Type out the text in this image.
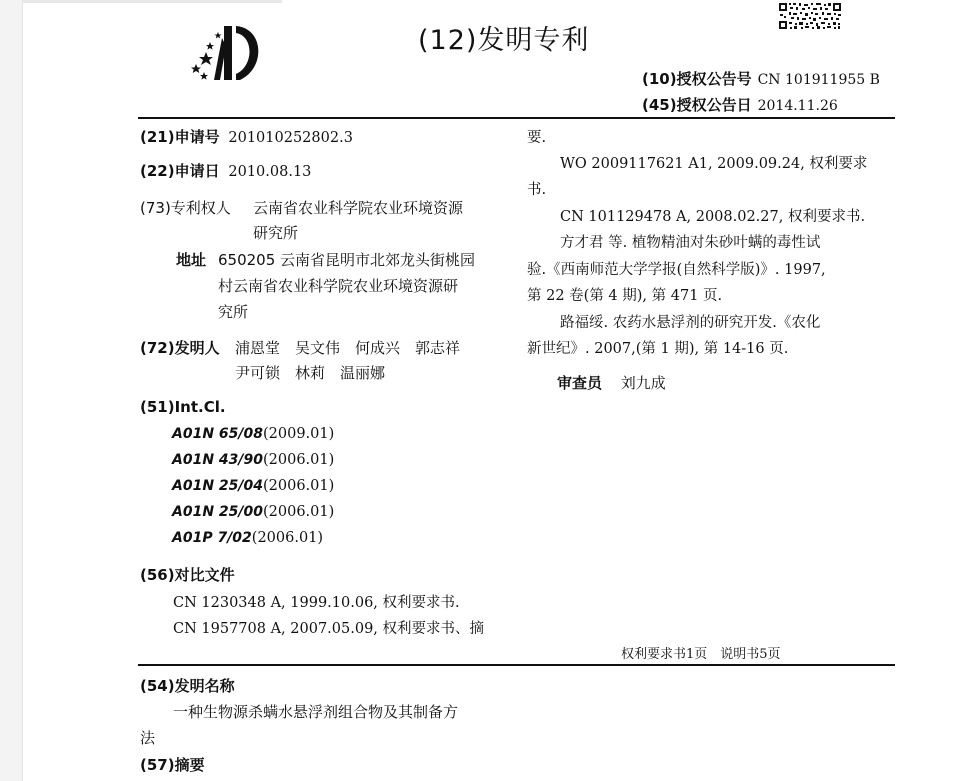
(12)发明专利
(10)授权公告号 CN 101911955 B
(45)授权公告日 2014.11.26
(21)申请号 201010252802.3
(22)申请日 2010.08.13
(73)专利权人 云南省农业科学院农业环境资源
研究所
地址 650205 云南省昆明市北郊龙头街桃园
村云南省农业科学院农业环境资源研
究所
(72)发明人 浦恩堂　吴文伟　何成兴　郭志祥
尹可锁　林莉　温丽娜
(51)Int.Cl.
A01N 65/08(2009.01)
A01N 43/90(2006.01)
A01N 25/04(2006.01)
A01N 25/00(2006.01)
A01P 7/02(2006.01)
(56)对比文件
CN 1230348 A, 1999.10.06, 权利要求书.
CN 1957708 A, 2007.05.09, 权利要求书、摘
要.
WO 2009117621 A1, 2009.09.24, 权利要求
书.
CN 101129478 A, 2008.02.27, 权利要求书.
方才君 等. 植物精油对朱砂叶螨的毒性试
验.《西南师范大学学报(自然科学版)》. 1997,
第 22 卷(第 4 期), 第 471 页.
路福绥. 农药水悬浮剂的研究开发.《农化
新世纪》. 2007,(第 1 期), 第 14-16 页.
审查员 刘九成
权利要求书1页　说明书5页
(54)发明名称
一种生物源杀螨水悬浮剂组合物及其制备方
法
(57)摘要
